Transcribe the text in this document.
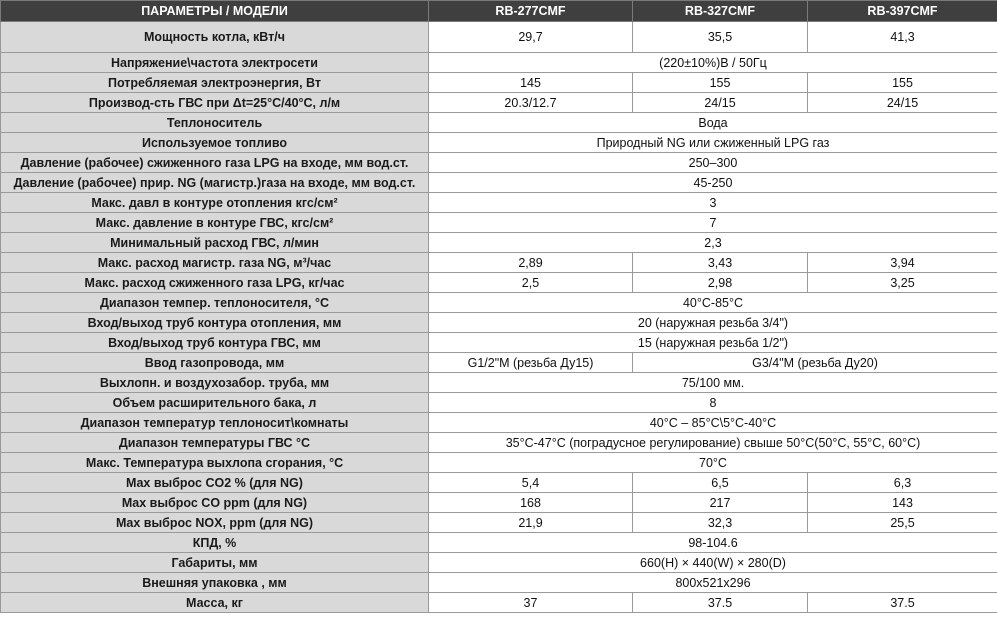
ПАРАМЕТРЫ / МОДЕЛИ	RB-277CMF	RB-327CMF	RB-397CMF
Мощность котла, кВт/ч	29,7	35,5	41,3
Напряжение\частота электросети	(220±10%)В / 50Гц		
Потребляемая электроэнергия, Вт	145	155	155
Производ-сть ГВС при Δt=25°С/40°С, л/м	20.3/12.7	24/15	24/15
Теплоноситель	Вода		
Используемое топливо	Природный NG или сжиженный LPG газ		
Давление (рабочее) сжиженного газа LPG на входе, мм вод.ст.	250–300		
Давление (рабочее) прир. NG (магистр.)газа на входе, мм вод.ст.	45-250		
Макс. давл в контуре отопления кгс/см²	3		
Макс. давление в контуре ГВС, кгс/см²	7		
Минимальный расход ГВС, л/мин	2,3		
Макс. расход магистр. газа NG, м³/час	2,89	3,43	3,94
Макс. расход сжиженного газа LPG, кг/час	2,5	2,98	3,25
Диапазон темпер. теплоносителя, °С	40°С-85°С		
Вход/выход труб контура отопления, мм	20 (наружная резьба 3/4")		
Вход/выход труб контура ГВС, мм	15 (наружная резьба 1/2")		
Ввод газопровода, мм	G1/2"М (резьба Ду15)	G3/4"М (резьба Ду20)	
Выхлопн. и воздухозабор. труба, мм	75/100 мм.		
Объем расширительного бака, л	8		
Диапазон температур теплоносит\комнаты	40°С – 85°С\5°С-40°С		
Диапазон температуры ГВС °С	35°С-47°С (поградусное регулирование) свыше 50°С(50°С, 55°С, 60°С)		
Макс. Температура выхлопа сгорания, °С	70°С		
Max выброс CO2 % (для NG)	5,4	6,5	6,3
Max выброс CO ppm (для NG)	168	217	143
Max выброс NOX, ppm (для NG)	21,9	32,3	25,5
КПД, %	98-104.6		
Габариты, мм	660(H) × 440(W) × 280(D)		
Внешняя упаковка , мм	800x521x296		
Масса, кг	37	37.5	37.5
